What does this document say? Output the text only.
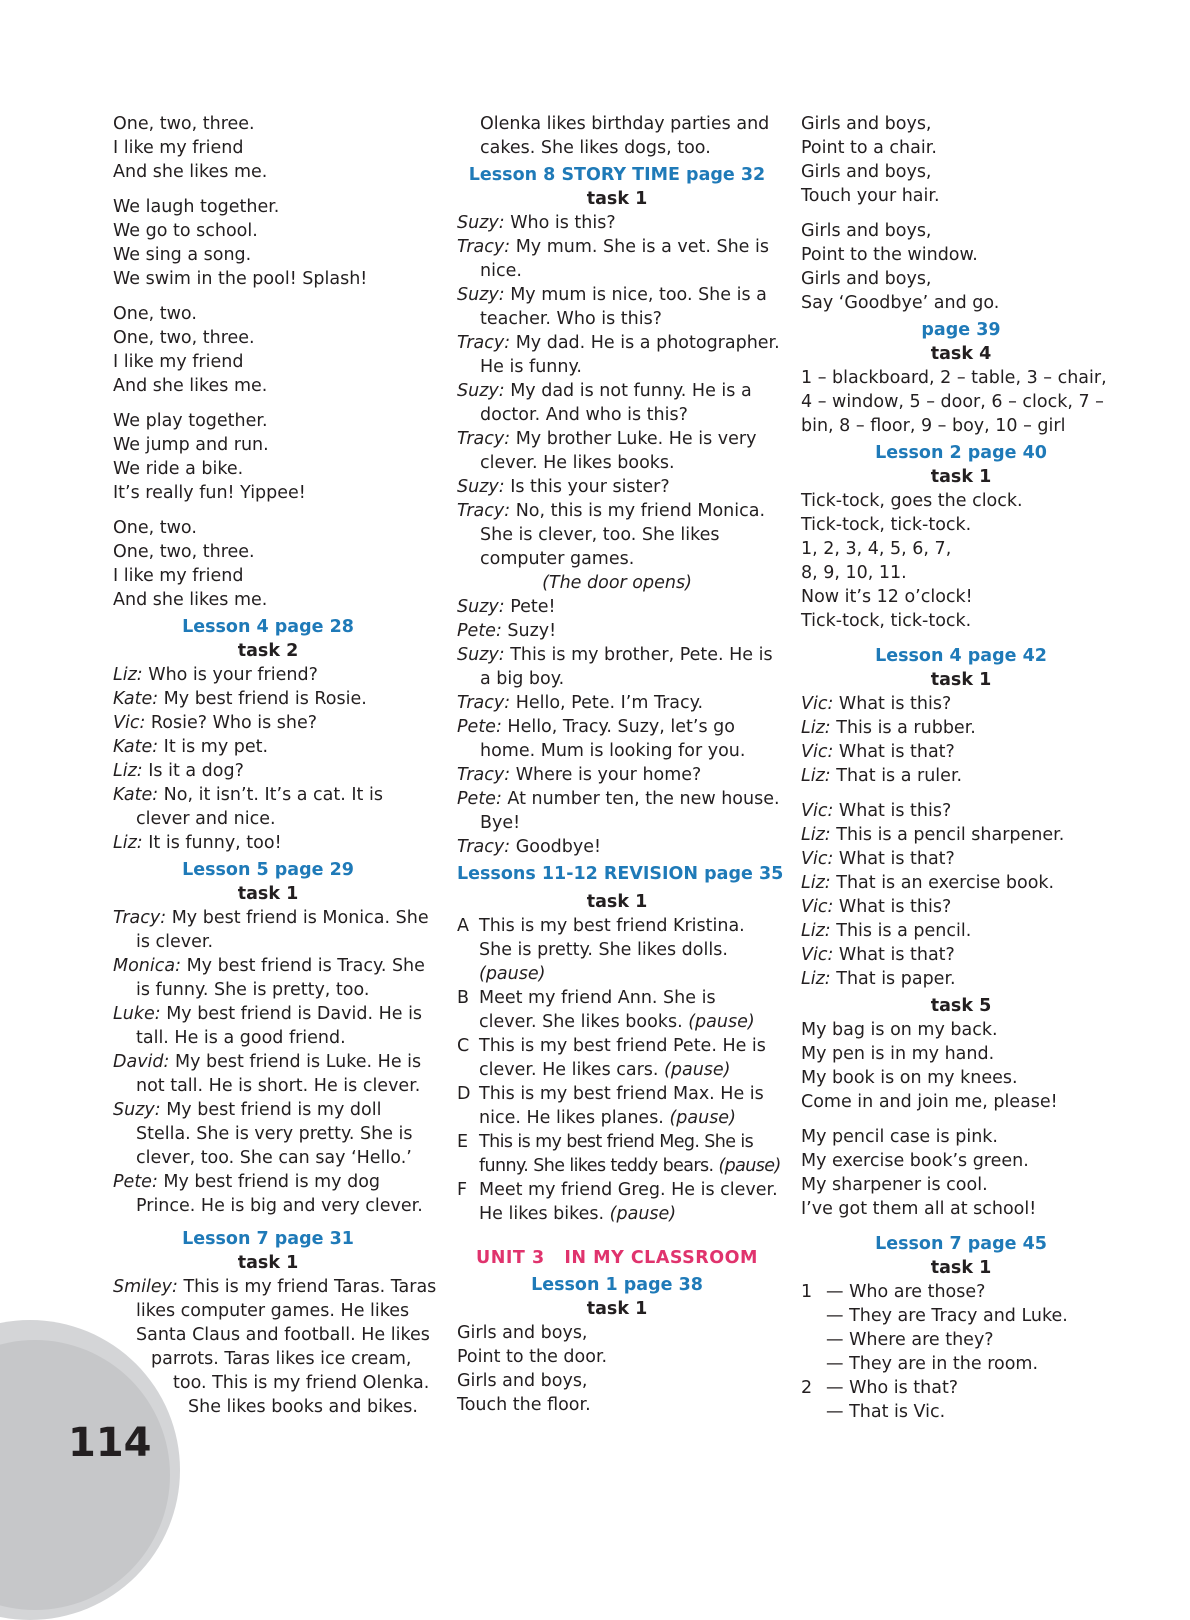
114
One, two, three.
I like my friend
And she likes me.
We laugh together.
We go to school.
We sing a song.
We swim in the pool! Splash!
One, two.
One, two, three.
I like my friend
And she likes me.
We play together.
We jump and run.
We ride a bike.
It’s really fun! Yippee!
One, two.
One, two, three.
I like my friend
And she likes me.
Lesson 4 page 28
task 2
Liz: Who is your friend?
Kate: My best friend is Rosie.
Vic: Rosie? Who is she?
Kate: It is my pet.
Liz: Is it a dog?
Kate: No, it isn’t. It’s a cat. It is
clever and nice.
Liz: It is funny, too!
Lesson 5 page 29
task 1
Tracy: My best friend is Monica. She
is clever.
Monica: My best friend is Tracy. She
is funny. She is pretty, too.
Luke: My best friend is David. He is
tall. He is a good friend.
David: My best friend is Luke. He is
not tall. He is short. He is clever.
Suzy: My best friend is my doll
Stella. She is very pretty. She is
clever, too. She can say ‘Hello.’
Pete: My best friend is my dog
Prince. He is big and very clever.
Lesson 7 page 31
task 1
Smiley: This is my friend Taras. Taras
likes computer games. He likes
Santa Claus and football. He likes
parrots. Taras likes ice cream,
too. This is my friend Olenka.
She likes books and bikes.
Olenka likes birthday parties and
cakes. She likes dogs, too.
Lesson 8 STORY TIME page 32
task 1
Suzy: Who is this?
Tracy: My mum. She is a vet. She is
nice.
Suzy: My mum is nice, too. She is a
teacher. Who is this?
Tracy: My dad. He is a photographer.
He is funny.
Suzy: My dad is not funny. He is a
doctor. And who is this?
Tracy: My brother Luke. He is very
clever. He likes books.
Suzy: Is this your sister?
Tracy: No, this is my friend Monica.
She is clever, too. She likes
computer games.
(The door opens)
Suzy: Pete!
Pete: Suzy!
Suzy: This is my brother, Pete. He is
a big boy.
Tracy: Hello, Pete. I’m Tracy.
Pete: Hello, Tracy. Suzy, let’s go
home. Mum is looking for you.
Tracy: Where is your home?
Pete: At number ten, the new house.
Bye!
Tracy: Goodbye!
Lessons 11-12 REVISION page 35
task 1
A This is my best friend Kristina.
She is pretty. She likes dolls.
(pause)
B Meet my friend Ann. She is
clever. She likes books. (pause)
C This is my best friend Pete. He is
clever. He likes cars. (pause)
D This is my best friend Max. He is
nice. He likes planes. (pause)
E This is my best friend Meg. She is
funny. She likes teddy bears. (pause)
F Meet my friend Greg. He is clever.
He likes bikes. (pause)
UNIT 3   IN MY CLASSROOM
Lesson 1 page 38
task 1
Girls and boys,
Point to the door.
Girls and boys,
Touch the floor.
Girls and boys,
Point to a chair.
Girls and boys,
Touch your hair.
Girls and boys,
Point to the window.
Girls and boys,
Say ‘Goodbye’ and go.
page 39
task 4
1 – blackboard, 2 – table, 3 – chair,
4 – window, 5 – door, 6 – clock, 7 –
bin, 8 – floor, 9 – boy, 10 – girl
Lesson 2 page 40
task 1
Tick-tock, goes the clock.
Tick-tock, tick-tock.
1, 2, 3, 4, 5, 6, 7,
8, 9, 10, 11.
Now it’s 12 o’clock!
Tick-tock, tick-tock.
Lesson 4 page 42
task 1
Vic: What is this?
Liz: This is a rubber.
Vic: What is that?
Liz: That is a ruler.
Vic: What is this?
Liz: This is a pencil sharpener.
Vic: What is that?
Liz: That is an exercise book.
Vic: What is this?
Liz: This is a pencil.
Vic: What is that?
Liz: That is paper.
task 5
My bag is on my back.
My pen is in my hand.
My book is on my knees.
Come in and join me, please!
My pencil case is pink.
My exercise book’s green.
My sharpener is cool.
I’ve got them all at school!
Lesson 7 page 45
task 1
1 — Who are those?
— They are Tracy and Luke.
— Where are they?
— They are in the room.
2 — Who is that?
— That is Vic.
